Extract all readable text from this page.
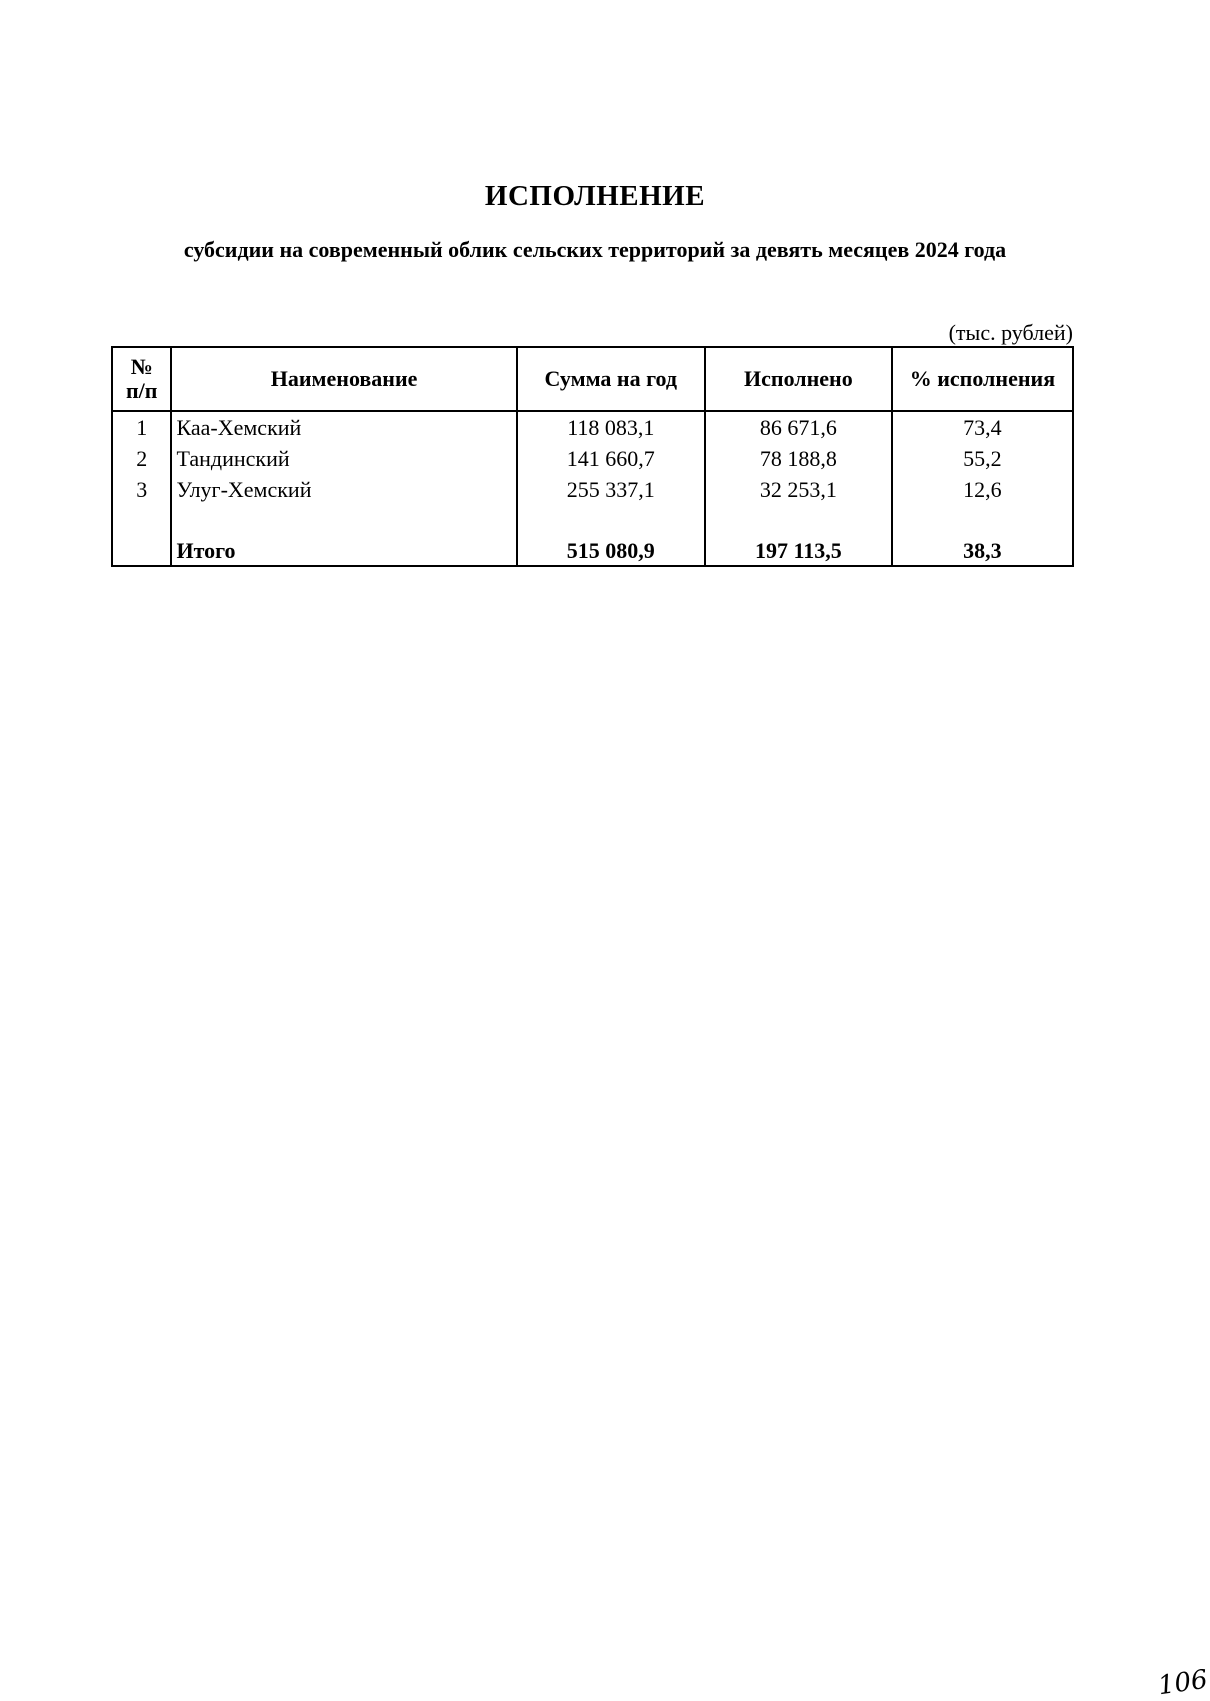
ИСПОЛНЕНИЕ
субсидии на современный облик сельских территорий за девять месяцев 2024 года
(тыс. рублей)
№
п/п	Наименование	Сумма на год	Исполнено	% исполнения
1	Каа-Хемский	118 083,1	86 671,6	73,4
2	Тандинский	141 660,7	78 188,8	55,2
3	Улуг-Хемский	255 337,1	32 253,1	12,6

	Итого	515 080,9	197 113,5	38,3
106
